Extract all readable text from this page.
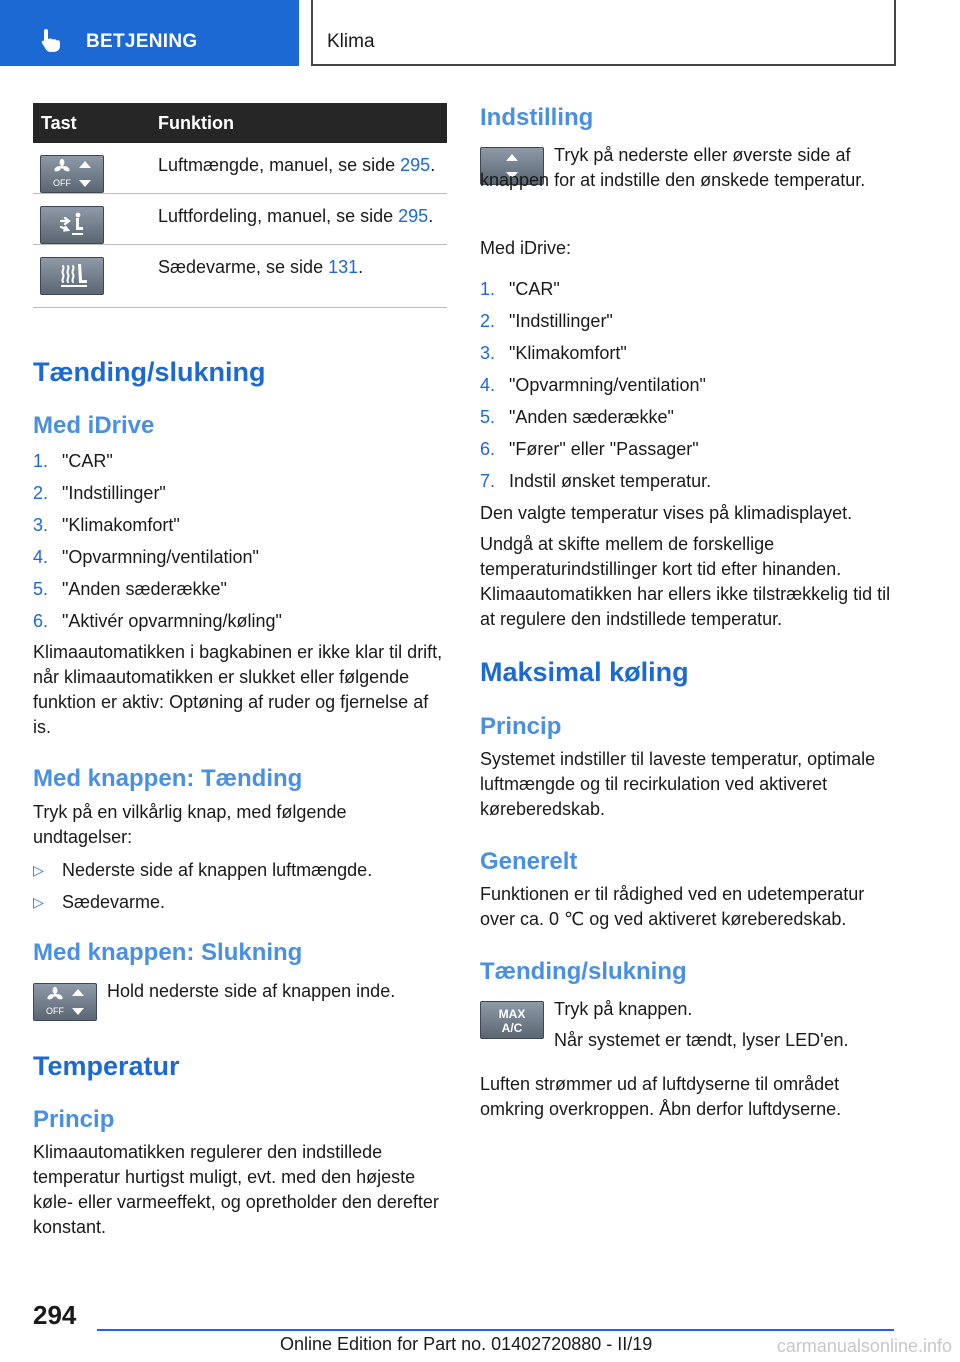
BETJENING	Klima
Tast	Funktion

OFF	Luftmængde, manuel, se side 295.

	Luftfordeling, manuel, se side 295.

	Sædevarme, se side 131.
Tænding/slukning
Med iDrive
1. "CAR"
2. "Indstillinger"
3. "Klimakomfort"
4. "Opvarmning/ventilation"
5. "Anden sæderække"
6. "Aktivér opvarmning/køling"
Klimaautomatikken i bagkabinen er ikke klar til drift, når klimaautomatikken er slukket eller følgende funktion er aktiv: Optøning af ruder og fjernelse af is.
Med knappen: Tænding
Tryk på en vilkårlig knap, med følgende undtagelser:
▷ Nederste side af knappen luftmængde.
▷ Sædevarme.
Med knappen: Slukning
OFF
Hold nederste side af knappen inde.
Temperatur
Princip
Klimaautomatikken regulerer den indstillede temperatur hurtigst muligt, evt. med den højeste køle- eller varmeeffekt, og opretholder den derefter konstant.
Indstilling
Tryk på nederste eller øverste side af knappen for at indstille den ønskede temperatur.
Med iDrive:
1. "CAR"
2. "Indstillinger"
3. "Klimakomfort"
4. "Opvarmning/ventilation"
5. "Anden sæderække"
6. "Fører" eller "Passager"
7. Indstil ønsket temperatur.
Den valgte temperatur vises på klimadisplayet.
Undgå at skifte mellem de forskellige temperaturindstillinger kort tid efter hinanden. Klimaautomatikken har ellers ikke tilstrækkelig tid til at regulere den indstillede temperatur.
Maksimal køling
Princip
Systemet indstiller til laveste temperatur, optimale luftmængde og til recirkulation ved aktiveret køreberedskab.
Generelt
Funktionen er til rådighed ved en udetemperatur over ca. 0 ℃ og ved aktiveret køreberedskab.
Tænding/slukning
MAX
A/C
Tryk på knappen.
Når systemet er tændt, lyser LED'en.
Luften strømmer ud af luftdyserne til området omkring overkroppen. Åbn derfor luftdyserne.
294
Online Edition for Part no. 01402720880 - II/19	carmanualsonline.info
